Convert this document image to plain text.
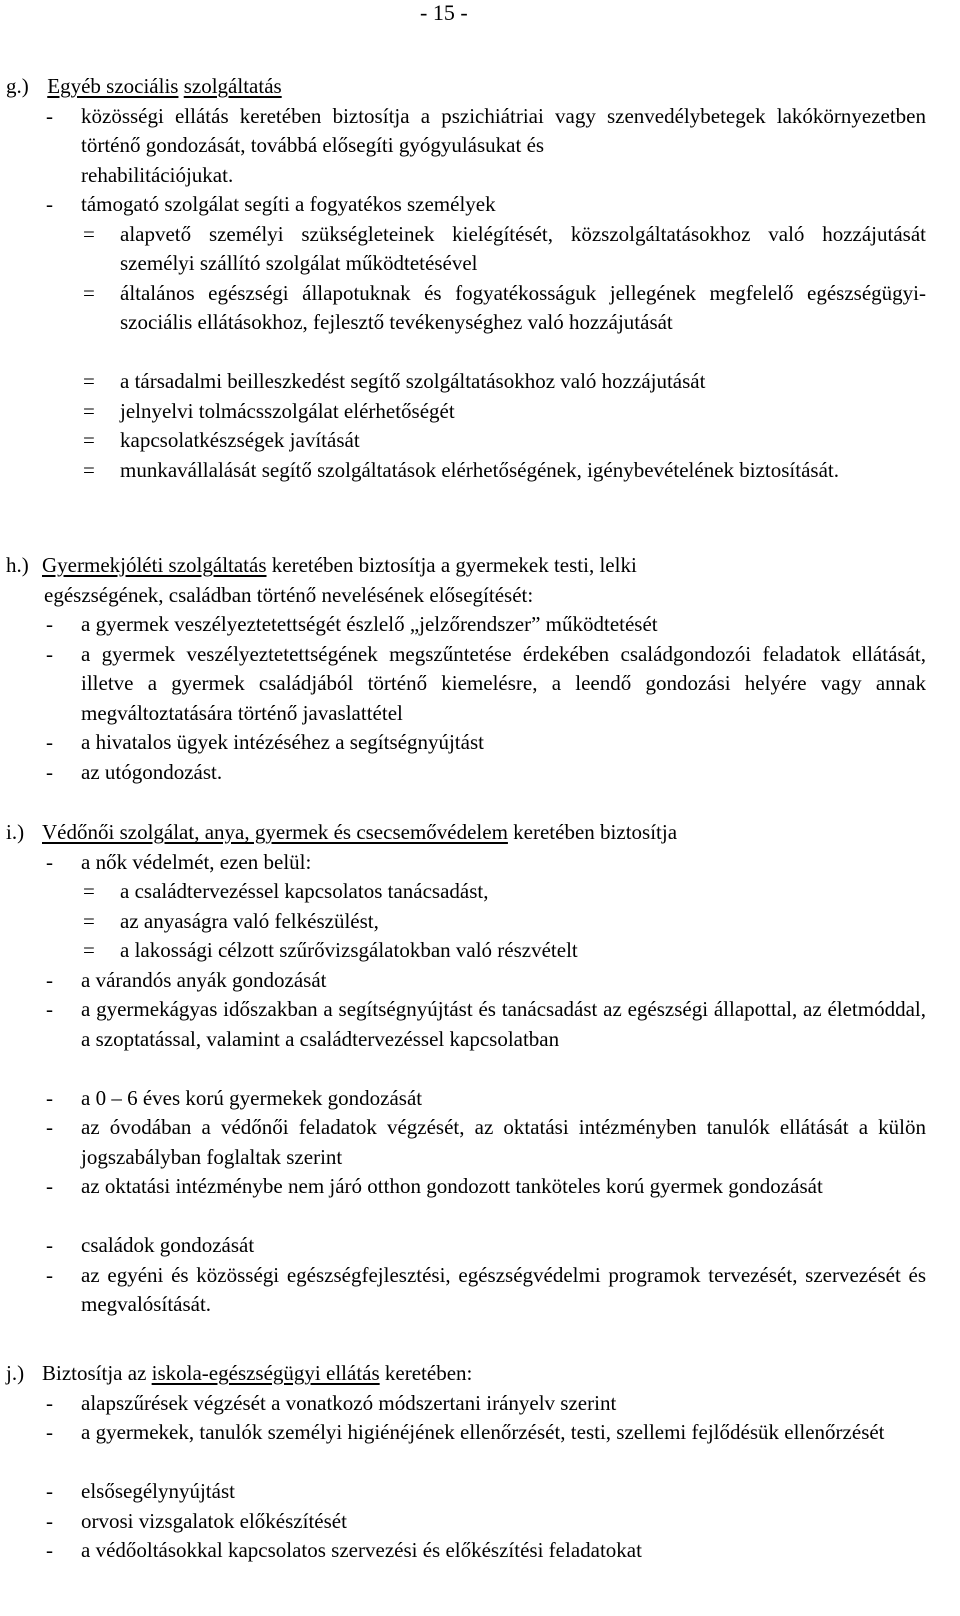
- 15 -
g.) Egyéb szociális szolgáltatás
- közösségi ellátás keretében biztosítja a pszichiátriai vagy szenvedélybetegek lakókörnyezetben történő gondozását, továbbá elősegíti gyógyulásukat és
rehabilitációjukat.
- támogató szolgálat segíti a fogyatékos személyek
= alapvető személyi szükségleteinek kielégítését, közszolgáltatásokhoz való hozzájutását személyi szállító szolgálat működtetésével
= általános egészségi állapotuknak és fogyatékosságuk jellegének megfelelő egészségügyi-szociális ellátásokhoz, fejlesztő tevékenységhez való hozzájutását
= a társadalmi beilleszkedést segítő szolgáltatásokhoz való hozzájutását
= jelnyelvi tolmácsszolgálat elérhetőségét
= kapcsolatkészségek javítását
= munkavállalását segítő szolgáltatások elérhetőségének, igénybevételének biztosítását.
h.) Gyermekjóléti szolgáltatás keretében biztosítja a gyermekek testi, lelki
egészségének, családban történő nevelésének elősegítését:
- a gyermek veszélyeztetettségét észlelő „jelzőrendszer” működtetését
- a gyermek veszélyeztetettségének megszűntetése érdekében családgondozói feladatok ellátását, illetve a gyermek családjából történő kiemelésre, a leendő gondozási helyére vagy annak megváltoztatására történő javaslattétel
- a hivatalos ügyek intézéséhez a segítségnyújtást
- az utógondozást.
i.) Védőnői szolgálat, anya, gyermek és csecsemővédelem keretében biztosítja
- a nők védelmét, ezen belül:
= a családtervezéssel kapcsolatos tanácsadást,
= az anyaságra való felkészülést,
= a lakossági célzott szűrővizsgálatokban való részvételt
- a várandós anyák gondozását
- a gyermekágyas időszakban a segítségnyújtást és tanácsadást az egészségi állapottal, az életmóddal, a szoptatással, valamint a családtervezéssel kapcsolatban
- a 0 – 6 éves korú gyermekek gondozását
- az óvodában a védőnői feladatok végzését, az oktatási intézményben tanulók ellátását a külön jogszabályban foglaltak szerint
- az oktatási intézménybe nem járó otthon gondozott tanköteles korú gyermek gondozását
- családok gondozását
- az egyéni és közösségi egészségfejlesztési, egészségvédelmi programok tervezését, szervezését és megvalósítását.
j.) Biztosítja az iskola-egészségügyi ellátás keretében:
- alapszűrések végzését a vonatkozó módszertani irányelv szerint
- a gyermekek, tanulók személyi higiénéjének ellenőrzését, testi, szellemi fejlődésük ellenőrzését
- elsősegélynyújtást
- orvosi vizsgalatok előkészítését
- a védőoltásokkal kapcsolatos szervezési és előkészítési feladatokat
